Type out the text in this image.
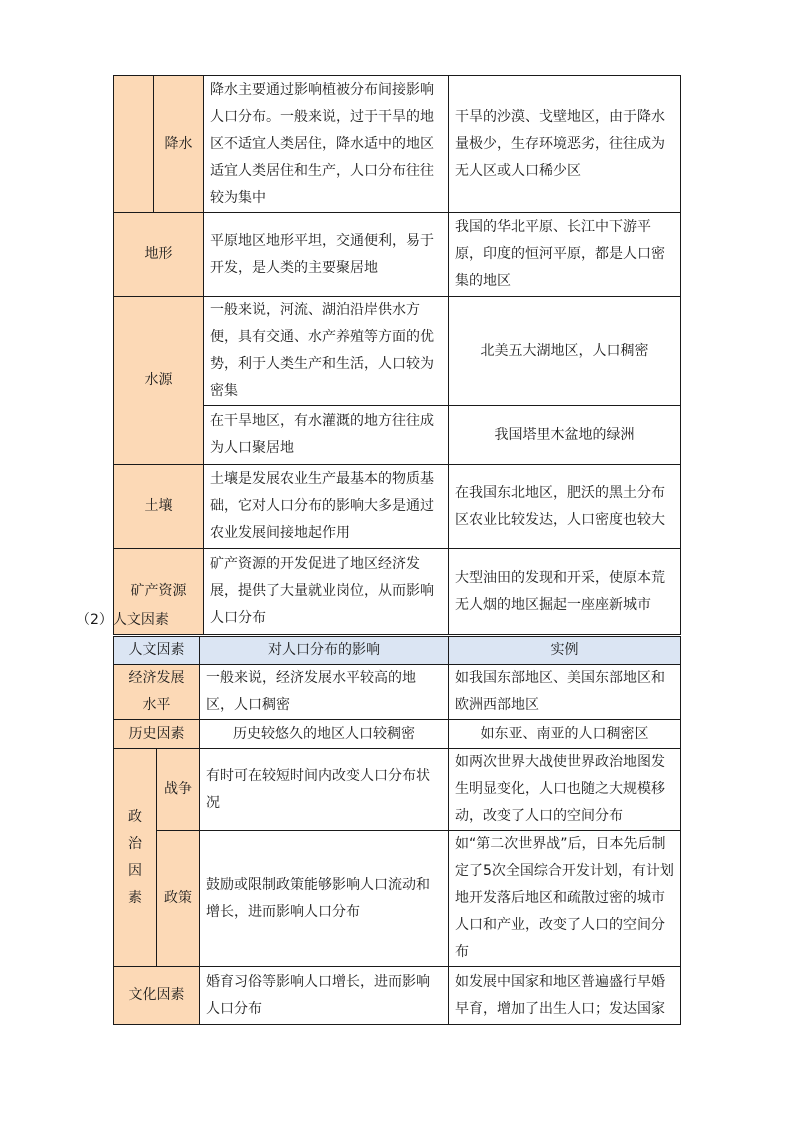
	降水	降水主要通过影响植被分布间接影响人口分布。一般来说，过于干旱的地区不适宜人类居住，降水适中的地区适宜人类居住和生产，人口分布往往较为集中	干旱的沙漠、戈壁地区，由于降水量极少，生存环境恶劣，往往成为无人区或人口稀少区
地形		平原地区地形平坦，交通便利，易于开发，是人类的主要聚居地	我国的华北平原、长江中下游平原，印度的恒河平原，都是人口密集的地区
水源		一般来说，河流、湖泊沿岸供水方便，具有交通、水产养殖等方面的优势，利于人类生产和生活，人口较为密集	北美五大湖地区，人口稠密
		在干旱地区，有水灌溉的地方往往成为人口聚居地	我国塔里木盆地的绿洲
土壤		土壤是发展农业生产最基本的物质基础，它对人口分布的影响大多是通过农业发展间接地起作用	在我国东北地区，肥沃的黑土分布区农业比较发达，人口密度也较大
矿产资源		矿产资源的开发促进了地区经济发展，提供了大量就业岗位，从而影响人口分布	大型油田的发现和开采，使原本荒无人烟的地区掘起一座座新城市
（2）人文因素
人文因素		对人口分布的影响	实例
经济发展水平		一般来说，经济发展水平较高的地区，人口稠密	如我国东部地区、美国东部地区和欧洲西部地区
历史因素		历史较悠久的地区人口较稠密	如东亚、南亚的人口稠密区
政治因素	战争	有时可在较短时间内改变人口分布状况	如两次世界大战使世界政治地图发生明显变化，人口也随之大规模移动，改变了人口的空间分布
	政策	鼓励或限制政策能够影响人口流动和增长，进而影响人口分布	如“第二次世界战”后，日本先后制定了5次全国综合开发计划，有计划地开发落后地区和疏散过密的城市人口和产业，改变了人口的空间分布
文化因素		婚育习俗等影响人口增长，进而影响人口分布	如发展中国家和地区普遍盛行早婚早育，增加了出生人口；发达国家
